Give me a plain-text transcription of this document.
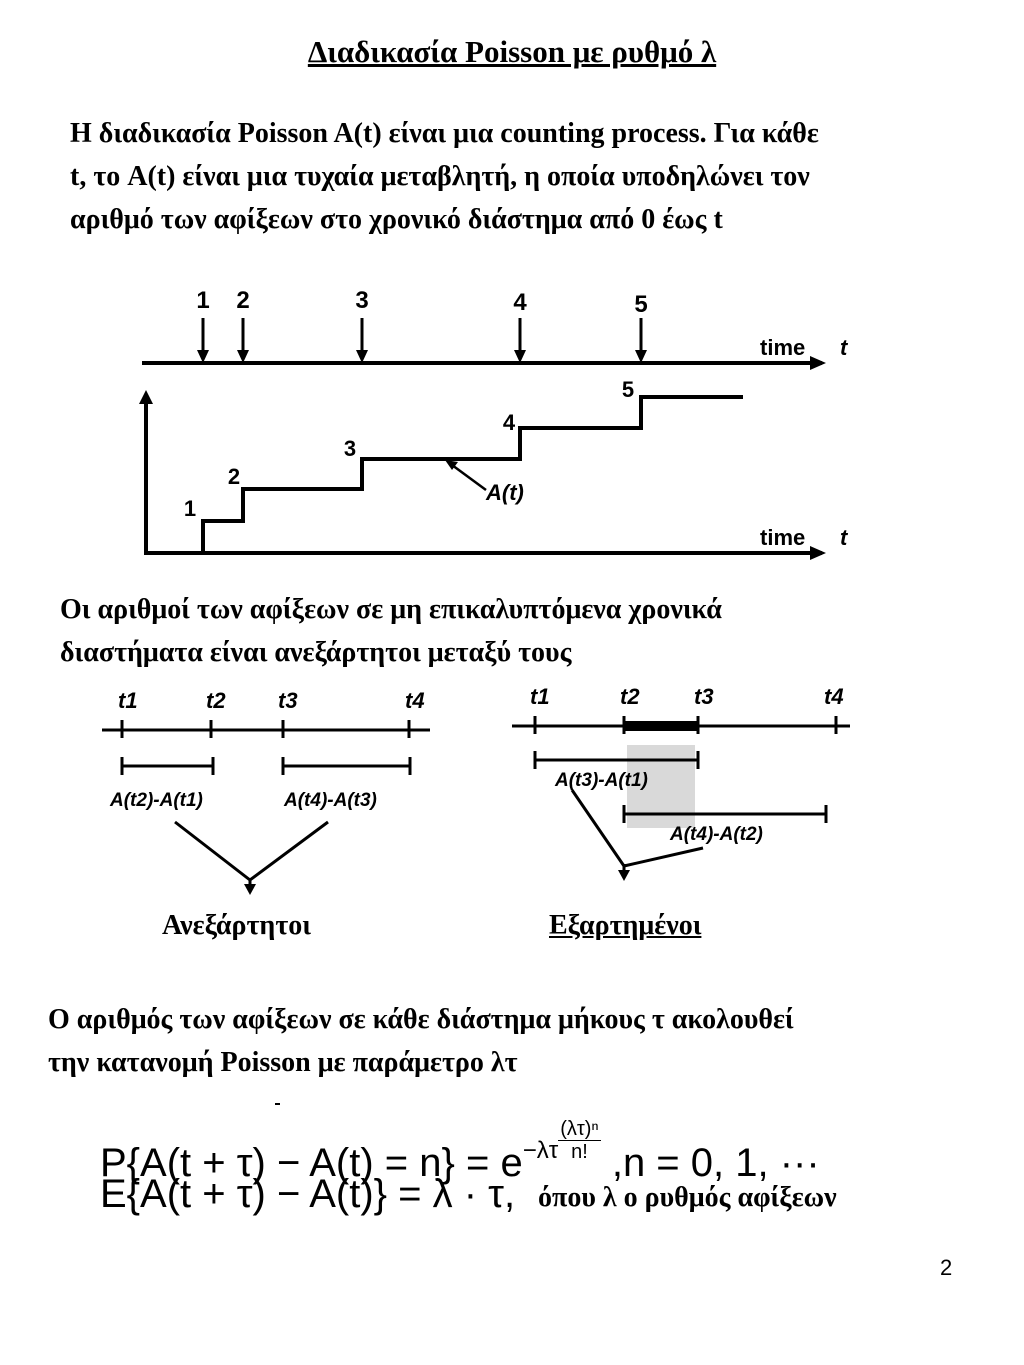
Διαδικασία Poisson με ρυθμό λ

Η διαδικασία Poisson A(t) είναι μια counting process. Για κάθε
t, το A(t) είναι μια τυχαία μεταβλητή, η οποία υποδηλώνει τον
αριθμό των αφίξεων στο χρονικό διάστημα από 0 έως t

time t
1 2	3	4	5
time t
1
2
3
4
5
A(t)
t1	t2 t3	t4
A(t2)-A(t1)	A(t4)-A(t3)
t1	t2 t3	t4
A(t3)-A(t1)
A(t4)-A(t2)

Οι αριθμοί των αφίξεων σε μη επικαλυπτόμενα χρονικά
διαστήματα είναι ανεξάρτητοι μεταξύ τους

Ανεξάρτητοι	Εξαρτημένοι

Ο αριθμός των αφίξεων σε κάθε διάστημα μήκους τ ακολουθεί
την κατανομή Poisson με παράμετρο λτ

$P\{A(t + \tau) - A(t) = n\} = e^{-\lambda\tau} \frac{\text{(λτ)ⁿ}}{n!} ,n = 0$, 1, ···
E{A(t + τ) − A(t)} = λ · τ, όπου λ ο ρυθμός αφίξεων
2
